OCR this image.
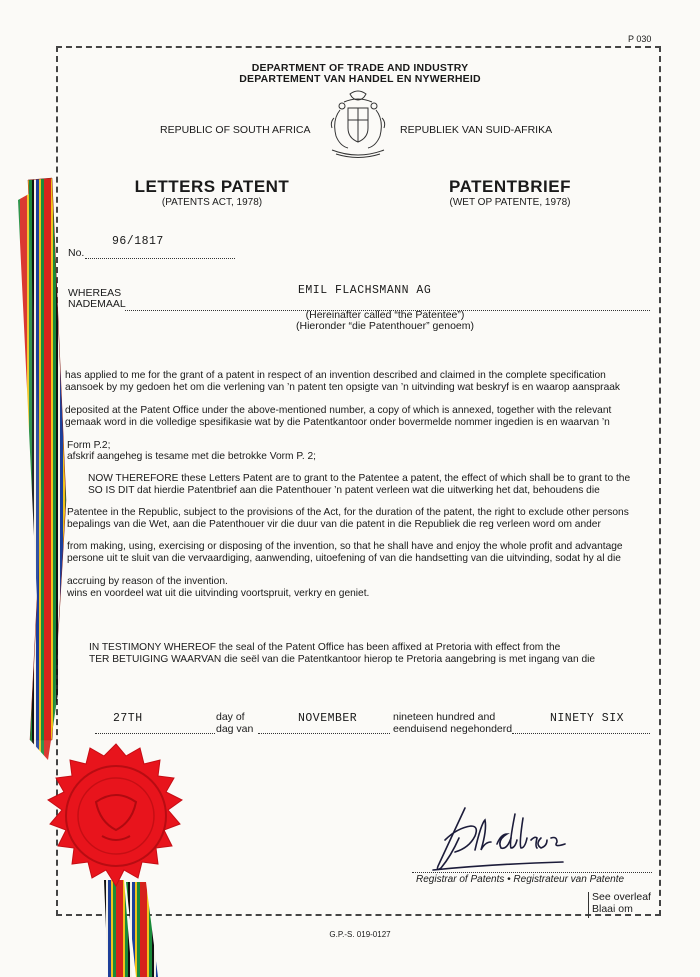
P 030
DEPARTMENT OF TRADE AND INDUSTRY
DEPARTEMENT VAN HANDEL EN NYWERHEID
REPUBLIC OF SOUTH AFRICA	REPUBLIEK VAN SUID-AFRIKA
LETTERS PATENT
(PATENTS ACT, 1978)
PATENTBRIEF
(WET OP PATENTE, 1978)
No.
96/1817
WHEREAS
NADEMAAL
EMIL FLACHSMANN AG
(Hereinafter called “the Patentee”)
(Hieronder “die Patenthouer” genoem)
has applied to me for the grant of a patent in respect of an invention described and claimed in the complete specification
aansoek by my gedoen het om die verlening van ’n patent ten opsigte van ’n uitvinding wat beskryf is en waarop aanspraak
deposited at the Patent Office under the above-mentioned number, a copy of which is annexed, together with the relevant
gemaak word in die volledige spesifikasie wat by die Patentkantoor onder bovermelde nommer ingedien is en waarvan ’n
Form P.2;
afskrif aangeheg is tesame met die betrokke Vorm P. 2;
NOW THEREFORE these Letters Patent are to grant to the Patentee a patent, the effect of which shall be to grant to the
SO IS DIT dat hierdie Patentbrief aan die Patenthouer ’n patent verleen wat die uitwerking het dat, behoudens die
Patentee in the Republic, subject to the provisions of the Act, for the duration of the patent, the right to exclude other persons
bepalings van die Wet, aan die Patenthouer vir die duur van die patent in die Republiek die reg verleen word om ander
from making, using, exercising or disposing of the invention, so that he shall have and enjoy the whole profit and advantage
persone uit te sluit van die vervaardiging, aanwending, uitoefening of van die handsetting van die uitvinding, sodat hy al die
accruing by reason of the invention.
wins en voordeel wat uit die uitvinding voortspruit, verkry en geniet.
IN TESTIMONY WHEREOF the seal of the Patent Office has been affixed at Pretoria with effect from the
TER BETUIGING WAARVAN die seël van die Patentkantoor hierop te Pretoria aangebring is met ingang van die
27TH	day of
dag van
NOVEMBER	nineteen hundred and
eenduisend negehonderd
NINETY SIX
Registrar of Patents • Registrateur van Patente
See overleaf
Blaai om
G.P.-S. 019-0127
